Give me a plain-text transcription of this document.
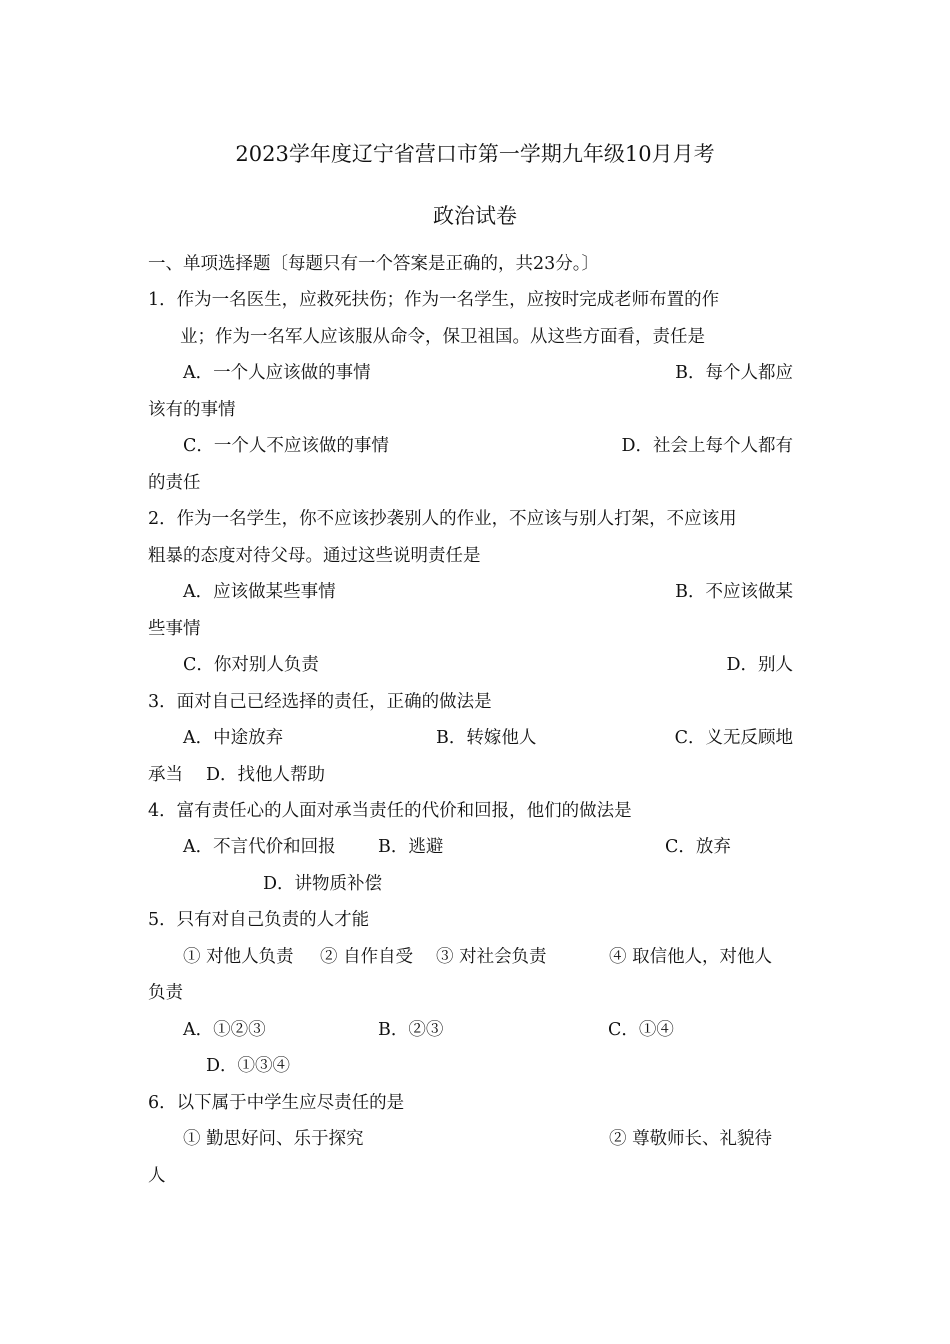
2023学年度辽宁省营口市第一学期九年级10月月考
政治试卷
一、单项选择题〔每题只有一个答案是正确的，共23分。〕
1．作为一名医生，应救死扶伤；作为一名学生，应按时完成老师布置的作
业；作为一名军人应该服从命令，保卫祖国。从这些方面看，责任是
A．一个人应该做的事情	B．每个人都应
该有的事情
C．一个人不应该做的事情	D．社会上每个人都有
的责任
2．作为一名学生，你不应该抄袭别人的作业，不应该与别人打架，不应该用
粗暴的态度对待父母。通过这些说明责任是
A．应该做某些事情	B．不应该做某
些事情
C．你对别人负责	D．别人
3．面对自己已经选择的责任，正确的做法是
A．中途放弃	B．转嫁他人	C．义无反顾地
承当 D．找他人帮助
4．富有责任心的人面对承当责任的代价和回报，他们的做法是
A．不言代价和回报 B．逃避	C．放弃
D．讲物质补偿
5．只有对自己负责的人才能
① 对他人负责 ② 自作自受 ③ 对社会负责	④ 取信他人，对他人
负责
A．①②③	B．②③	C．①④
D．①③④
6．以下属于中学生应尽责任的是
① 勤思好问、乐于探究	② 尊敬师长、礼貌待
人
